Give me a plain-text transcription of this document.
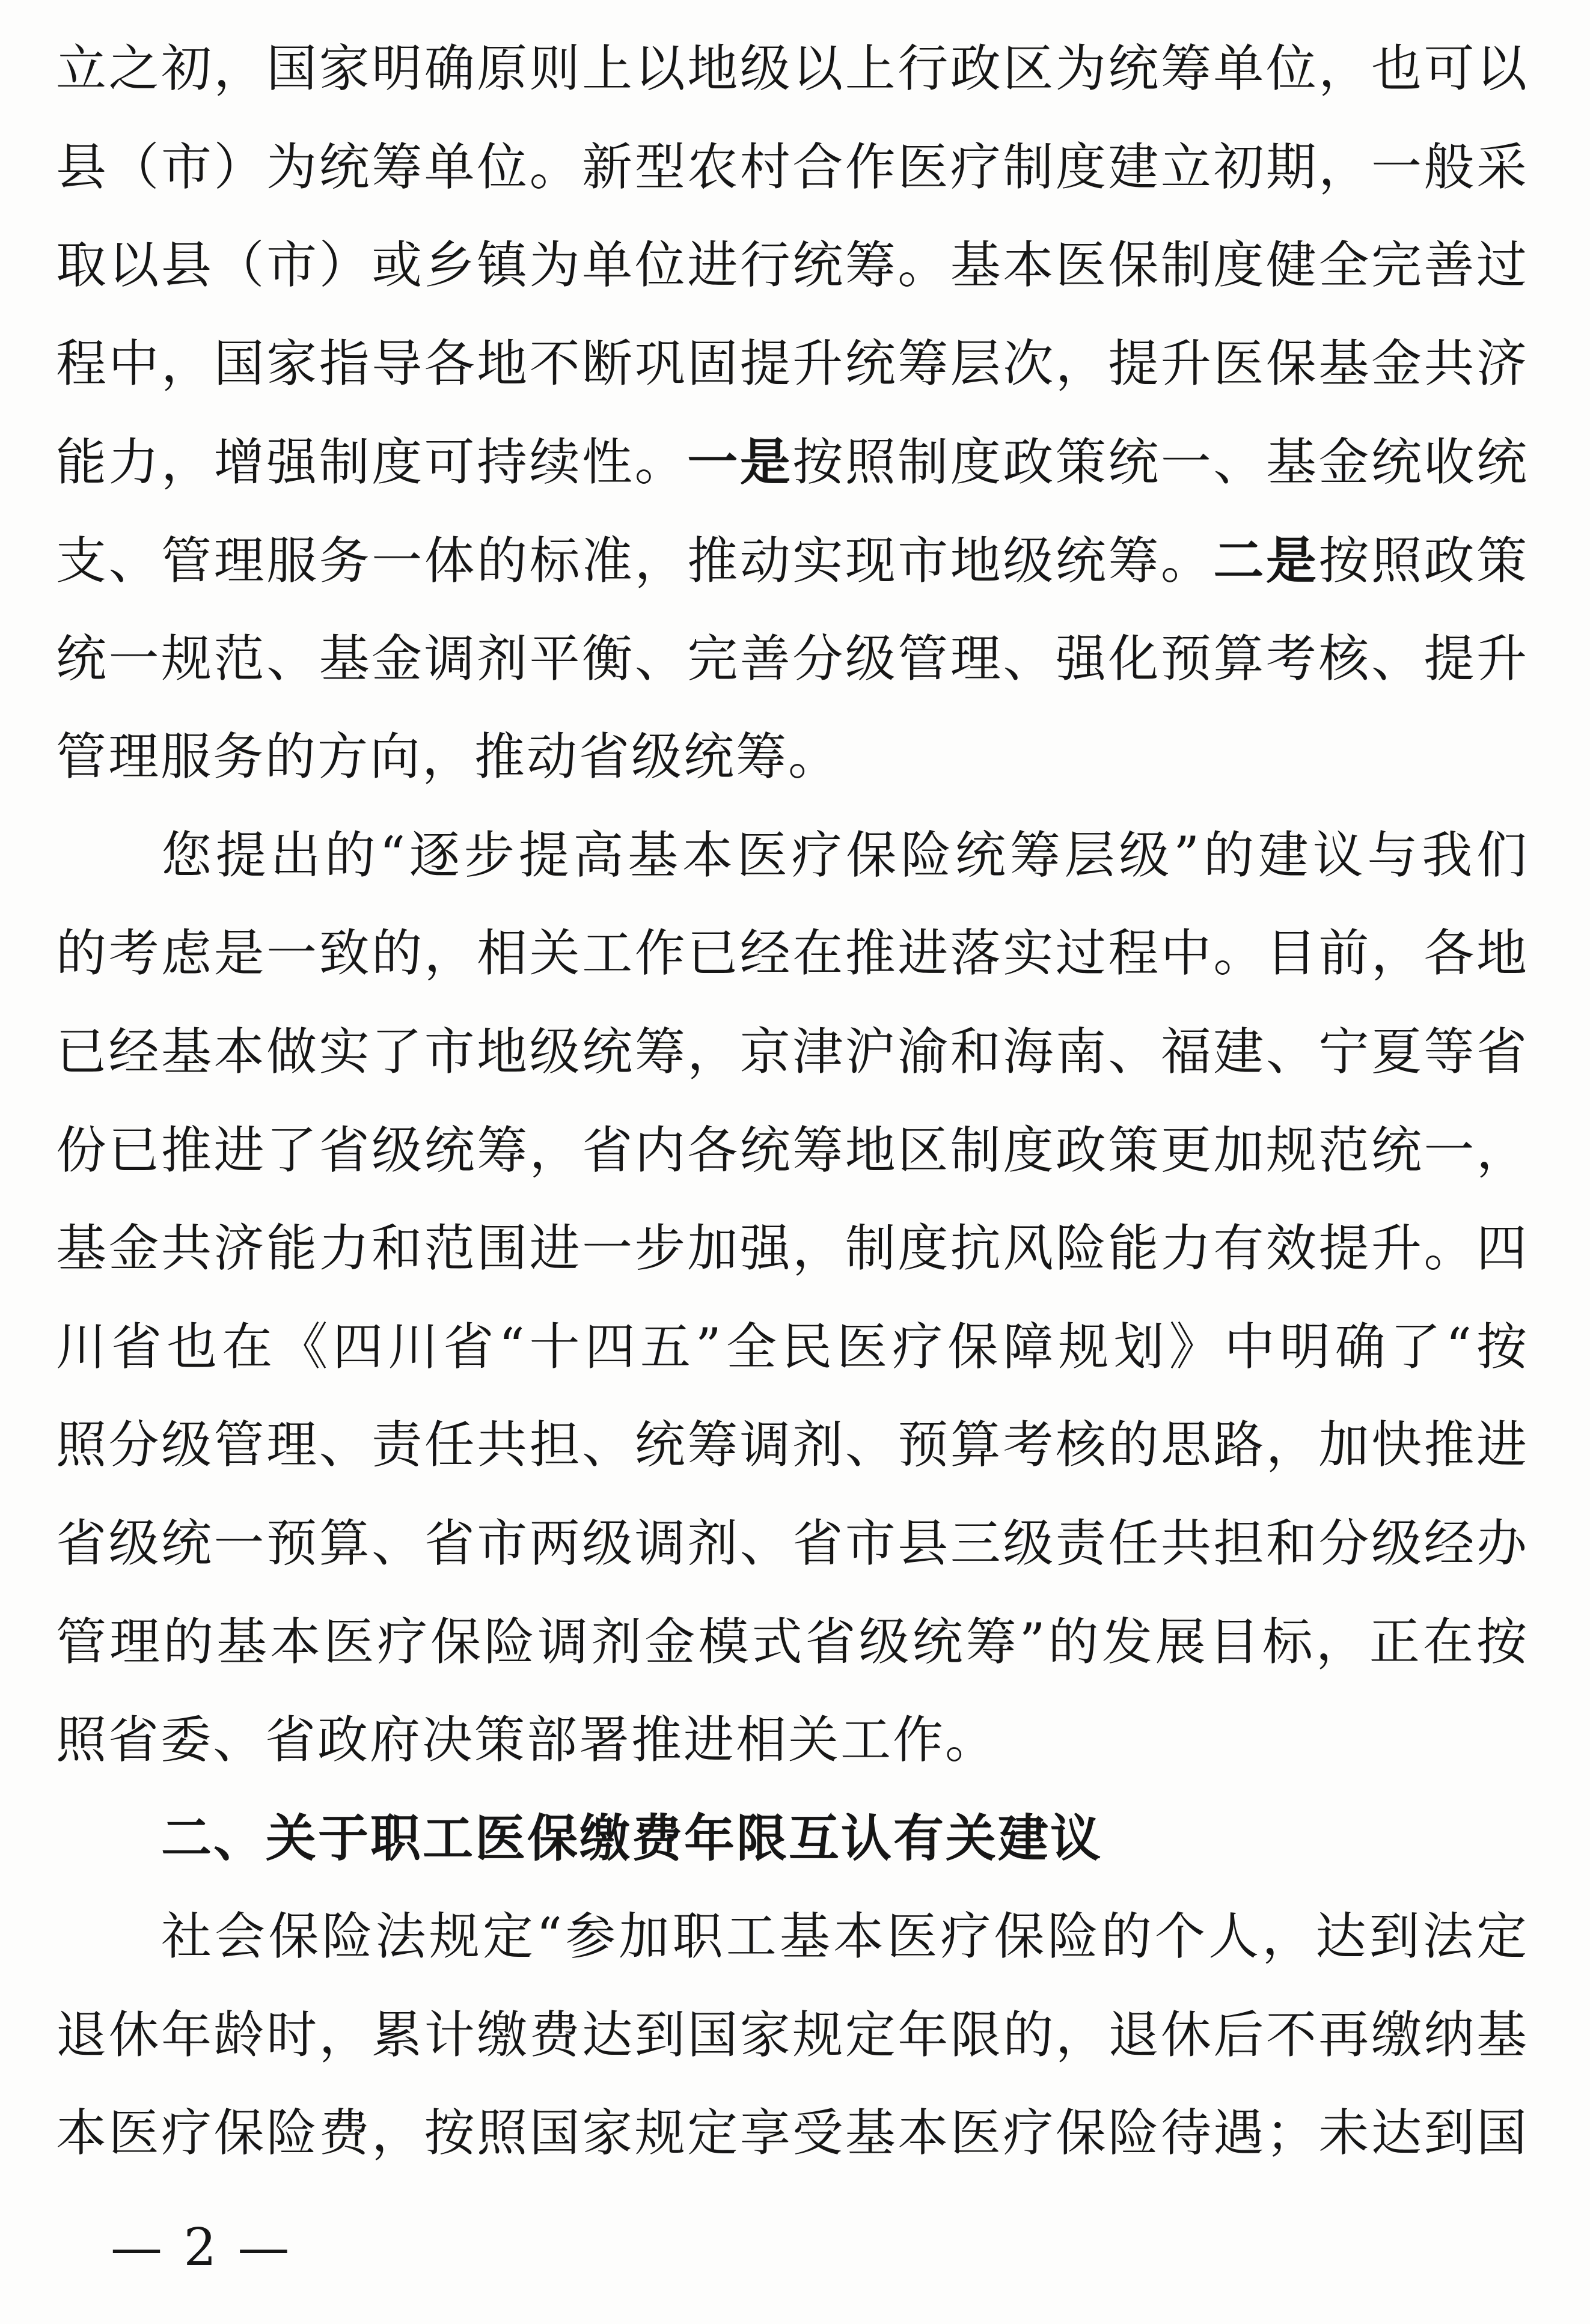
立之初，国家明确原则上以地级以上行政区为统筹单位，也可以
县（市）为统筹单位。新型农村合作医疗制度建立初期，一般采
取以县（市）或乡镇为单位进行统筹。基本医保制度健全完善过
程中，国家指导各地不断巩固提升统筹层次，提升医保基金共济
能力，增强制度可持续性。一是按照制度政策统一、基金统收统
支、管理服务一体的标准，推动实现市地级统筹。二是按照政策
统一规范、基金调剂平衡、完善分级管理、强化预算考核、提升
管理服务的方向，推动省级统筹。
您提出的“逐步提高基本医疗保险统筹层级”的建议与我们
的考虑是一致的，相关工作已经在推进落实过程中。目前，各地
已经基本做实了市地级统筹，京津沪渝和海南、福建、宁夏等省
份已推进了省级统筹，省内各统筹地区制度政策更加规范统一，
基金共济能力和范围进一步加强，制度抗风险能力有效提升。四
川省也在《四川省“十四五”全民医疗保障规划》中明确了“按
照分级管理、责任共担、统筹调剂、预算考核的思路，加快推进
省级统一预算、省市两级调剂、省市县三级责任共担和分级经办
管理的基本医疗保险调剂金模式省级统筹”的发展目标，正在按
照省委、省政府决策部署推进相关工作。
二、关于职工医保缴费年限互认有关建议
社会保险法规定“参加职工基本医疗保险的个人，达到法定
退休年龄时，累计缴费达到国家规定年限的，退休后不再缴纳基
本医疗保险费，按照国家规定享受基本医疗保险待遇；未达到国
— 2 —
